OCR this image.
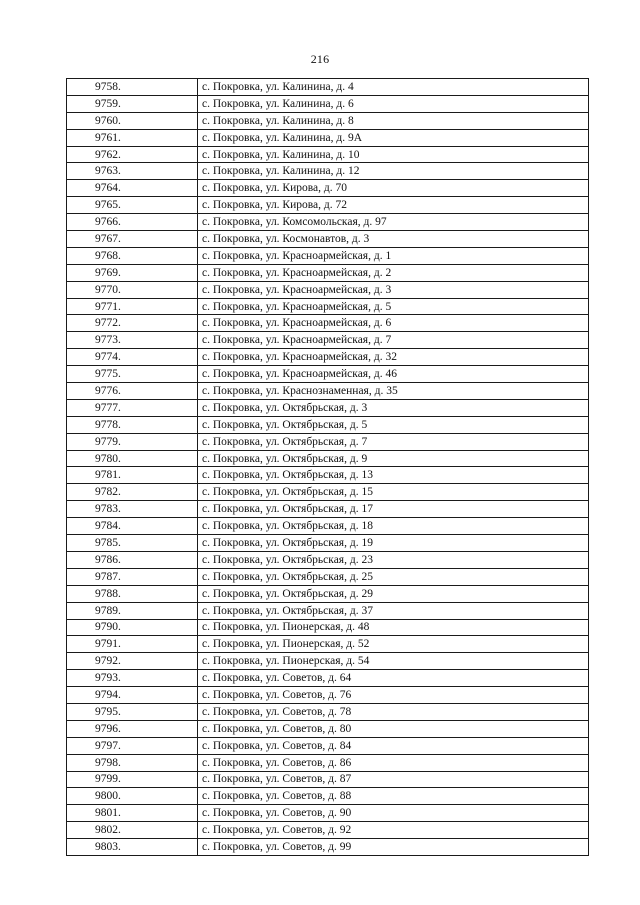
216
9758.	с. Покровка, ул. Калинина, д. 4
9759.	с. Покровка, ул. Калинина, д. 6
9760.	с. Покровка, ул. Калинина, д. 8
9761.	с. Покровка, ул. Калинина, д. 9А
9762.	с. Покровка, ул. Калинина, д. 10
9763.	с. Покровка, ул. Калинина, д. 12
9764.	с. Покровка, ул. Кирова, д. 70
9765.	с. Покровка, ул. Кирова, д. 72
9766.	с. Покровка, ул. Комсомольская, д. 97
9767.	с. Покровка, ул. Космонавтов, д. 3
9768.	с. Покровка, ул. Красноармейская, д. 1
9769.	с. Покровка, ул. Красноармейская, д. 2
9770.	с. Покровка, ул. Красноармейская, д. 3
9771.	с. Покровка, ул. Красноармейская, д. 5
9772.	с. Покровка, ул. Красноармейская, д. 6
9773.	с. Покровка, ул. Красноармейская, д. 7
9774.	с. Покровка, ул. Красноармейская, д. 32
9775.	с. Покровка, ул. Красноармейская, д. 46
9776.	с. Покровка, ул. Краснознаменная, д. 35
9777.	с. Покровка, ул. Октябрьская, д. 3
9778.	с. Покровка, ул. Октябрьская, д. 5
9779.	с. Покровка, ул. Октябрьская, д. 7
9780.	с. Покровка, ул. Октябрьская, д. 9
9781.	с. Покровка, ул. Октябрьская, д. 13
9782.	с. Покровка, ул. Октябрьская, д. 15
9783.	с. Покровка, ул. Октябрьская, д. 17
9784.	с. Покровка, ул. Октябрьская, д. 18
9785.	с. Покровка, ул. Октябрьская, д. 19
9786.	с. Покровка, ул. Октябрьская, д. 23
9787.	с. Покровка, ул. Октябрьская, д. 25
9788.	с. Покровка, ул. Октябрьская, д. 29
9789.	с. Покровка, ул. Октябрьская, д. 37
9790.	с. Покровка, ул. Пионерская, д. 48
9791.	с. Покровка, ул. Пионерская, д. 52
9792.	с. Покровка, ул. Пионерская, д. 54
9793.	с. Покровка, ул. Советов, д. 64
9794.	с. Покровка, ул. Советов, д. 76
9795.	с. Покровка, ул. Советов, д. 78
9796.	с. Покровка, ул. Советов, д. 80
9797.	с. Покровка, ул. Советов, д. 84
9798.	с. Покровка, ул. Советов, д. 86
9799.	с. Покровка, ул. Советов, д. 87
9800.	с. Покровка, ул. Советов, д. 88
9801.	с. Покровка, ул. Советов, д. 90
9802.	с. Покровка, ул. Советов, д. 92
9803.	с. Покровка, ул. Советов, д. 99
